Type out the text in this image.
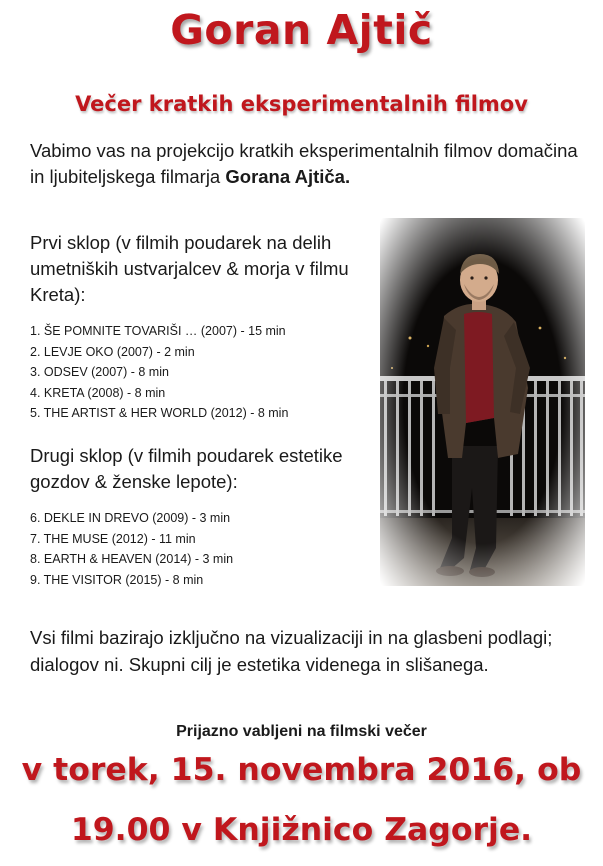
Goran Ajtič
Večer kratkih eksperimentalnih filmov
Vabimo vas na projekcijo kratkih eksperimentalnih filmov domačina in ljubiteljskega filmarja Gorana Ajtiča.
Prvi sklop (v filmih poudarek na delih umetniških ustvarjalcev & morja v filmu Kreta):
1. ŠE POMNITE TOVARIŠI … (2007) - 15 min
2. LEVJE OKO (2007) - 2 min
3. ODSEV (2007) - 8 min
4. KRETA (2008) - 8 min
5. THE ARTIST & HER WORLD (2012) - 8 min
Drugi sklop (v filmih poudarek estetike gozdov & ženske lepote):
6. DEKLE IN DREVO (2009) - 3 min
7. THE MUSE (2012) - 11 min
8. EARTH & HEAVEN (2014) - 3 min
9. THE VISITOR (2015) - 8 min
Vsi filmi bazirajo izključno na vizualizaciji in na glasbeni podlagi; dialogov ni. Skupni cilj je estetika videnega in slišanega.
Prijazno vabljeni na filmski večer
v torek, 15. novembra 2016, ob
19.00 v Knjižnico Zagorje.
